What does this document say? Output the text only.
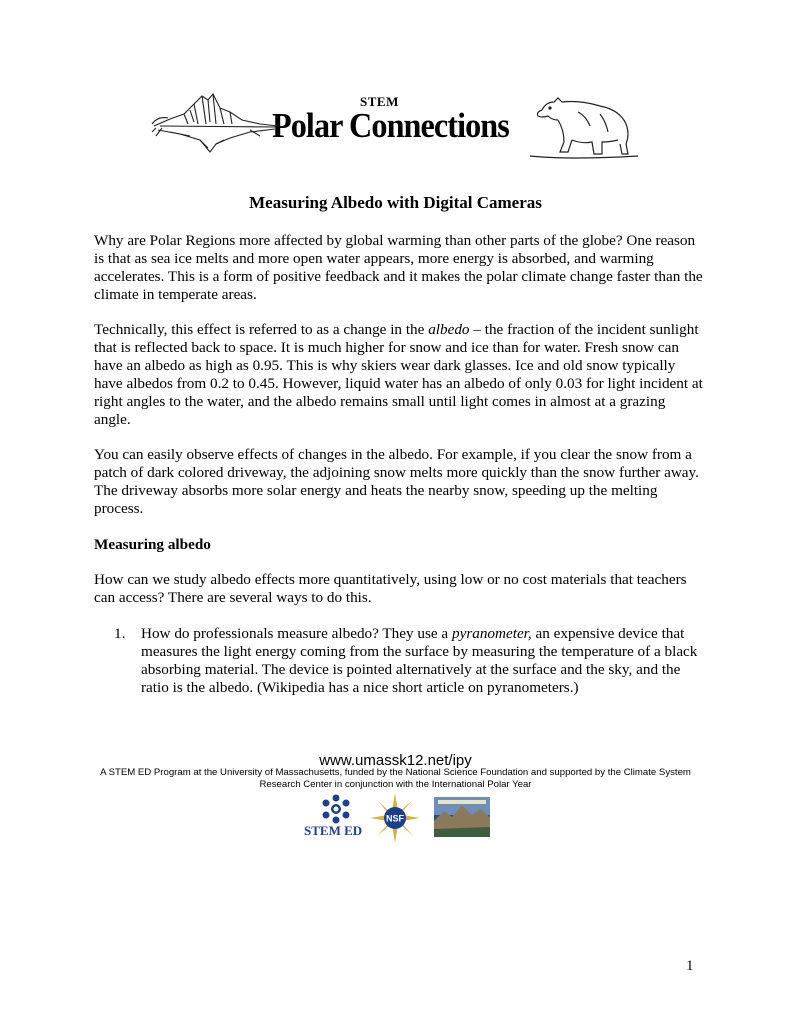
STEM
Polar Connections
Measuring Albedo with Digital Cameras

Why are Polar Regions more affected by global warming than other parts of the globe? One reason is that as sea ice melts and more open water appears, more energy is absorbed, and warming accelerates. This is a form of positive feedback and it makes the polar climate change faster than the climate in temperate areas.

Technically, this effect is referred to as a change in the albedo – the fraction of the incident sunlight that is reflected back to space. It is much higher for snow and ice than for water. Fresh snow can have an albedo as high as 0.95. This is why skiers wear dark glasses. Ice and old snow typically have albedos from 0.2 to 0.45. However, liquid water has an albedo of only 0.03 for light incident at right angles to the water, and the albedo remains small until light comes in almost at a grazing angle.

You can easily observe effects of changes in the albedo. For example, if you clear the snow from a patch of dark colored driveway, the adjoining snow melts more quickly than the snow further away. The driveway absorbs more solar energy and heats the nearby snow, speeding up the melting process.

Measuring albedo

How can we study albedo effects more quantitatively, using low or no cost materials that teachers can access? There are several ways to do this.

1. How do professionals measure albedo? They use a pyranometer, an expensive device that measures the light energy coming from the surface by measuring the temperature of a black absorbing material. The device is pointed alternatively at the surface and the sky, and the ratio is the albedo. (Wikipedia has a nice short article on pyranometers.)
www.umassk12.net/ipy
A STEM ED Program at the University of Massachusetts, funded by the National Science Foundation and supported by the Climate System Research Center in conjunction with the International Polar Year
STEM ED
NSF
1
